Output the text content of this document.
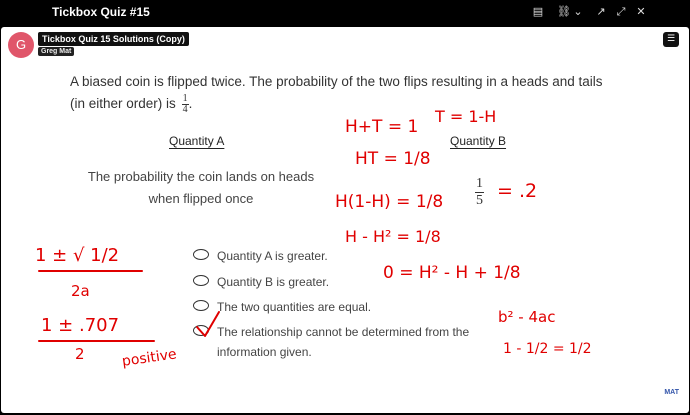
Tickbox Quiz #15	▤ ⛓ ⌄ ↗ ⤢ ✕
G	Tickbox Quiz 15 Solutions (Copy)
Greg Mat
☰
A biased coin is flipped twice. The probability of the two flips resulting in a heads and tails (in either order) is $\frac{1}{4}$ .
Quantity A	Quantity B
The probability the coin lands on heads when flipped once	$\frac{1}{5}$
Quantity A is greater.
Quantity B is greater.
The two quantities are equal.
The relationship cannot be determined from the information given.
H+T = 1
T = 1-H
HT = 1/8
H(1-H) = 1/8
H - H² = 1/8
0 = H² - H + 1/8
= .2
1 ± √ 1/2
2a
1 ± .707
2	positive
b² - 4ac
1 - 1/2 = 1/2
MAT
